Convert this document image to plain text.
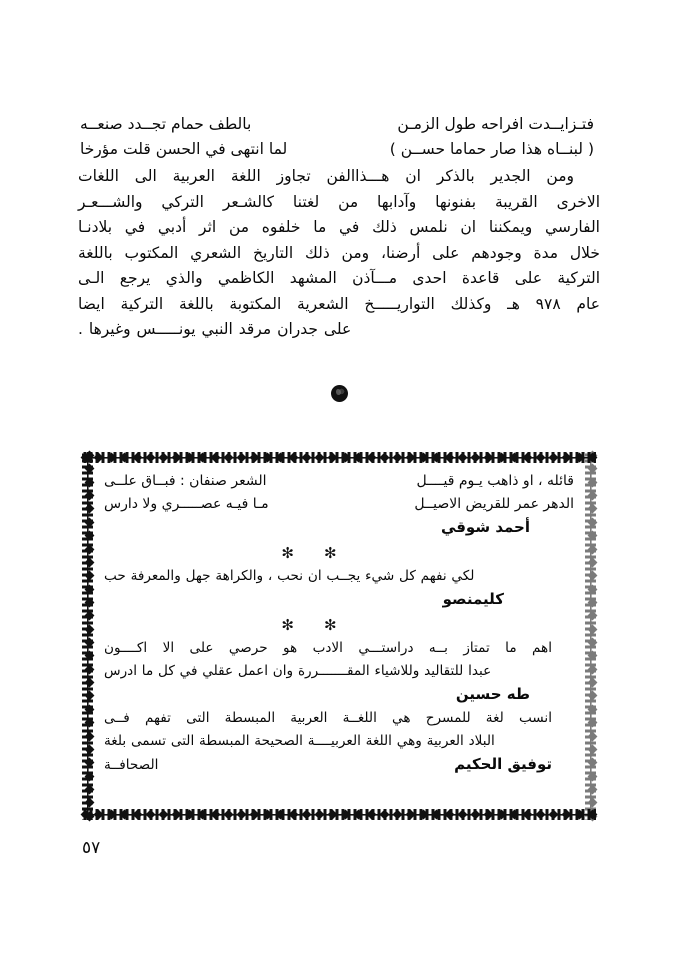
فتـزايــدت افراحه طول الزمـن
بالطف حمام تجــدد صنعــه
( لبنــاه هذا صار حماما حســن )
لما انتهى في الحسن قلت مؤرخا
ومن الجدير بالذكر ان هـــذاالفن تجاوز اللغة العربية الى اللغات
الاخرى القريبة بفنونها وآدابها من لغتنا كالشـعر التركي والشـــعـر
الفارسي ويمكننا ان نلمس ذلك في ما خلفوه من اثر أدبي في بلادنـا
خلال مدة وجودهم على أرضنا، ومن ذلك التاريخ الشعري المكتوب باللغة
التركية على قاعدة احدى مـــآذن المشهد الكاظمي والذي يرجع الـى
عام ٩٧٨ هـ وكذلك التواريـــــخ الشعرية المكتوبة باللغة التركية ايضا
على جدران مرقد النبي يونـــــس وغيرها .
قائله ، او ذاهب يـوم قيــــل
الشعر صنفان : فبــاق علــى
الدهر عمر للقريض الاصيــل
مـا فيـه عصـــــري ولا دارس
أحمد شوقي
✻✻
لكي نفهم كل شيء يجــب ان نحب ، والكراهة جهل والمعرفة حب
كليمنصو
✻✻
اهم ما تمتاز بــه دراستـــي الادب هو حرصي على الا اكــــون
عبدا للتقاليد وللاشياء المقـــــــررة وان اعمل عقلي في كل ما ادرس
طه حسين
انسب لغة للمسرح هي اللغــة العربية المبسطة التى تفهم فــى
البلاد العربية وهي اللغة العربيــــة الصحيحة المبسطة التى تسمى بلغة
توفيق الحكيم
الصحافــة
٥٧
